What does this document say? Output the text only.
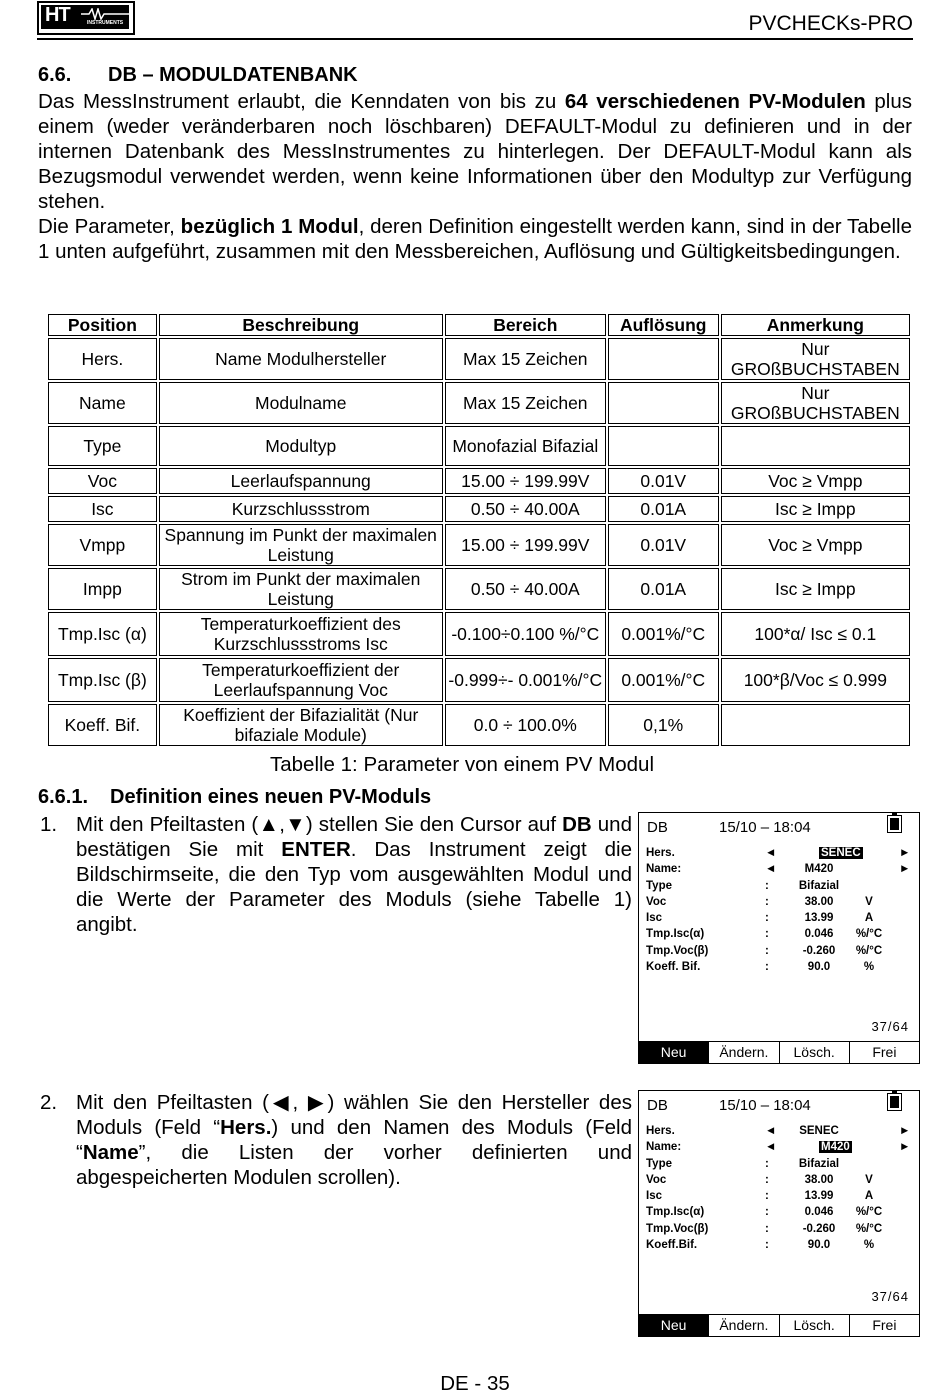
HT	INSTRUMENTS	PVCHECKs-PRO
6.6. DB – MODULDATENBANK
Das MessInstrument erlaubt, die Kenndaten von bis zu 64 verschiedenen PV-Modulen plus einem (weder veränderbaren noch löschbaren) DEFAULT-Modul zu definieren und in der internen Datenbank des MessInstrumentes zu hinterlegen. Der DEFAULT-Modul kann als Bezugsmodul verwendet werden, wenn keine Informationen über den Modultyp zur Verfügung stehen.
Die Parameter, bezüglich 1 Modul, deren Definition eingestellt werden kann, sind in der Tabelle 1 unten aufgeführt, zusammen mit den Messbereichen, Auflösung und Gültigkeitsbedingungen.
Position	Beschreibung	Bereich	Auflösung	Anmerkung
Hers.	Name Modulhersteller	Max 15 Zeichen		Nur GROßBUCHSTABEN
Name	Modulname	Max 15 Zeichen		Nur GROßBUCHSTABEN
Type	Modultyp	Monofazial Bifazial		
Voc	Leerlaufspannung	15.00 ÷ 199.99V	0.01V	Voc ≥ Vmpp
Isc	Kurzschlussstrom	0.50 ÷ 40.00A	0.01A	Isc ≥ Impp
Vmpp	Spannung im Punkt der maximalen Leistung	15.00 ÷ 199.99V	0.01V	Voc ≥ Vmpp
Impp	Strom im Punkt der maximalen Leistung	0.50 ÷ 40.00A	0.01A	Isc ≥ Impp
Tmp.Isc (α)	Temperaturkoeffizient des Kurzschlussstroms Isc	-0.100÷0.100 %/°C	0.001%/°C	100*α/ Isc ≤ 0.1
Tmp.Isc (β)	Temperaturkoeffizient der Leerlaufspannung Voc	-0.999÷- 0.001%/°C	0.001%/°C	100*β/Voc ≤ 0.999
Koeff. Bif.	Koeffizient der Bifazialität (Nur bifaziale Module)	0.0 ÷ 100.0%	0,1%	
Tabelle 1: Parameter von einem PV Modul
6.6.1. Definition eines neuen PV-Moduls
1. Mit den Pfeiltasten (▲,▼) stellen Sie den Cursor auf DB und bestätigen Sie mit ENTER. Das Instrument zeigt die Bildschirmseite, die den Typ vom ausgewählten Modul und die Werte der Parameter des Moduls (siehe Tabelle 1) angibt.
2. Mit den Pfeiltasten (◀, ▶) wählen Sie den Hersteller des Moduls (Feld “Hers.) und den Namen des Moduls (Feld “Name”, die Listen der vorher definierten und abgespeicherten Modulen scrollen).
DB	15/10 – 18:04
Hers.	◄	SENEC	►
Name:	◄	M420	►
Type	:	Bifazial
Voc	:	38.00	V
Isc	:	13.99	A
Tmp.Isc(α)	:	0.046	%/°C
Tmp.Voc(β)	:	-0.260	%/°C
Koeff. Bif.	:	90.0	%
37/64
Neu	Ändern.	Lösch.	Frei
DB	15/10 – 18:04
Hers.	◄	SENEC	►
Name:	◄	M420	►
Type	:	Bifazial
Voc	:	38.00	V
Isc	:	13.99	A
Tmp.Isc(α)	:	0.046	%/°C
Tmp.Voc(β)	:	-0.260	%/°C
Koeff.Bif.	:	90.0	%
37/64
Neu	Ändern.	Lösch.	Frei
DE - 35
